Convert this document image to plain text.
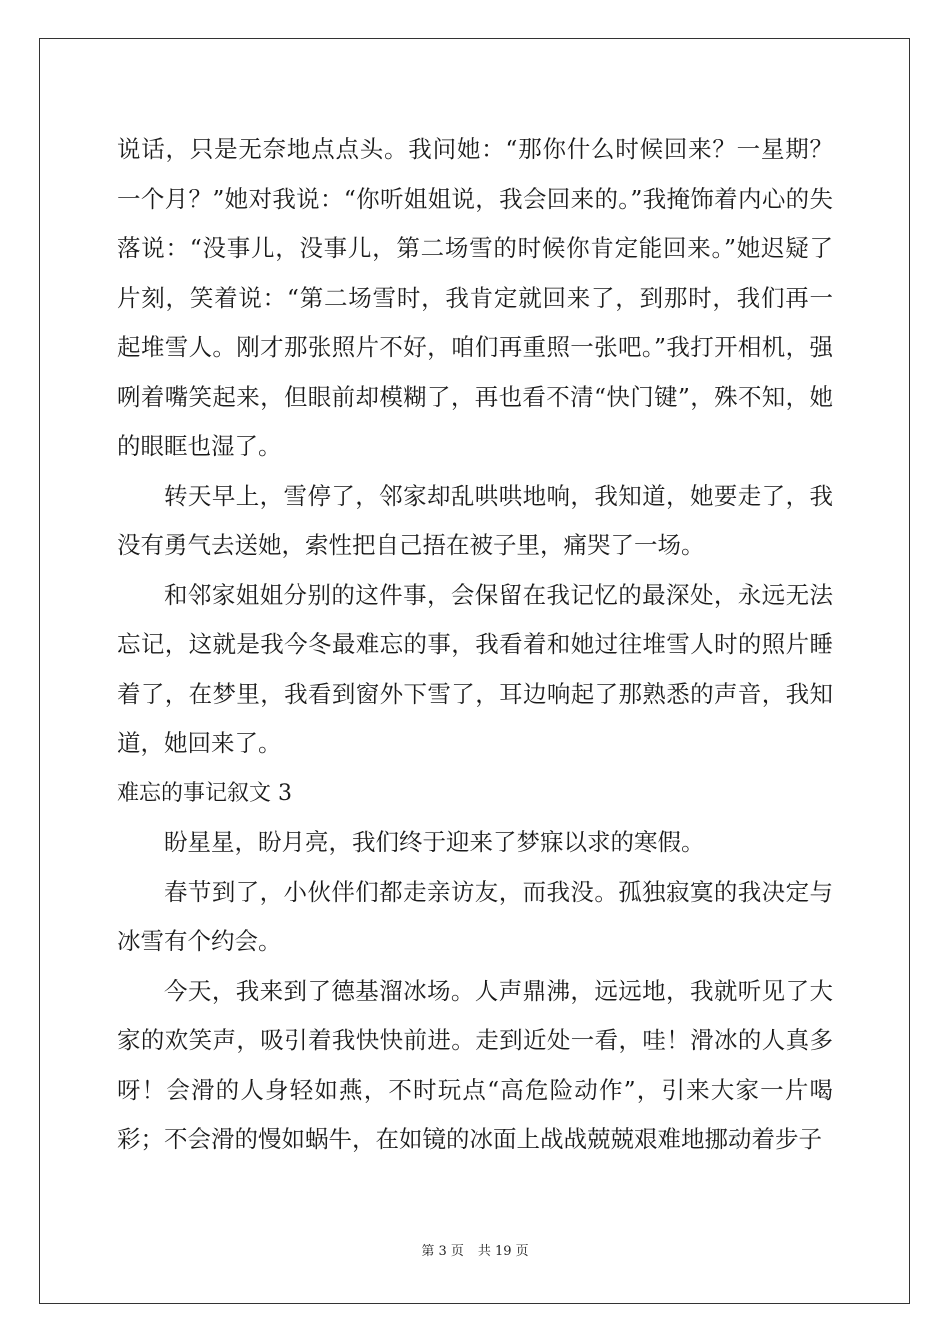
说话，只是无奈地点点头。我问她：“那你什么时候回来？一星期？一个月？”她对我说：“你听姐姐说，我会回来的。”我掩饰着内心的失落说：“没事儿，没事儿，第二场雪的时候你肯定能回来。”她迟疑了片刻，笑着说：“第二场雪时，我肯定就回来了，到那时，我们再一起堆雪人。刚才那张照片不好，咱们再重照一张吧。”我打开相机，强咧着嘴笑起来，但眼前却模糊了，再也看不清“快门键”，殊不知，她的眼眶也湿了。

转天早上，雪停了，邻家却乱哄哄地响，我知道，她要走了，我没有勇气去送她，索性把自己捂在被子里，痛哭了一场。

和邻家姐姐分别的这件事，会保留在我记忆的最深处，永远无法忘记，这就是我今冬最难忘的事，我看着和她过往堆雪人时的照片睡着了，在梦里，我看到窗外下雪了，耳边响起了那熟悉的声音，我知道，她回来了。

难忘的事记叙文 3

盼星星，盼月亮，我们终于迎来了梦寐以求的寒假。

春节到了，小伙伴们都走亲访友，而我没。孤独寂寞的我决定与冰雪有个约会。

今天，我来到了德基溜冰场。人声鼎沸，远远地，我就听见了大家的欢笑声，吸引着我快快前进。走到近处一看，哇！滑冰的人真多呀！会滑的人身轻如燕，不时玩点“高危险动作”，引来大家一片喝彩；不会滑的慢如蜗牛，在如镜的冰面上战战兢兢艰难地挪动着步子

第 3 页 共 19 页
